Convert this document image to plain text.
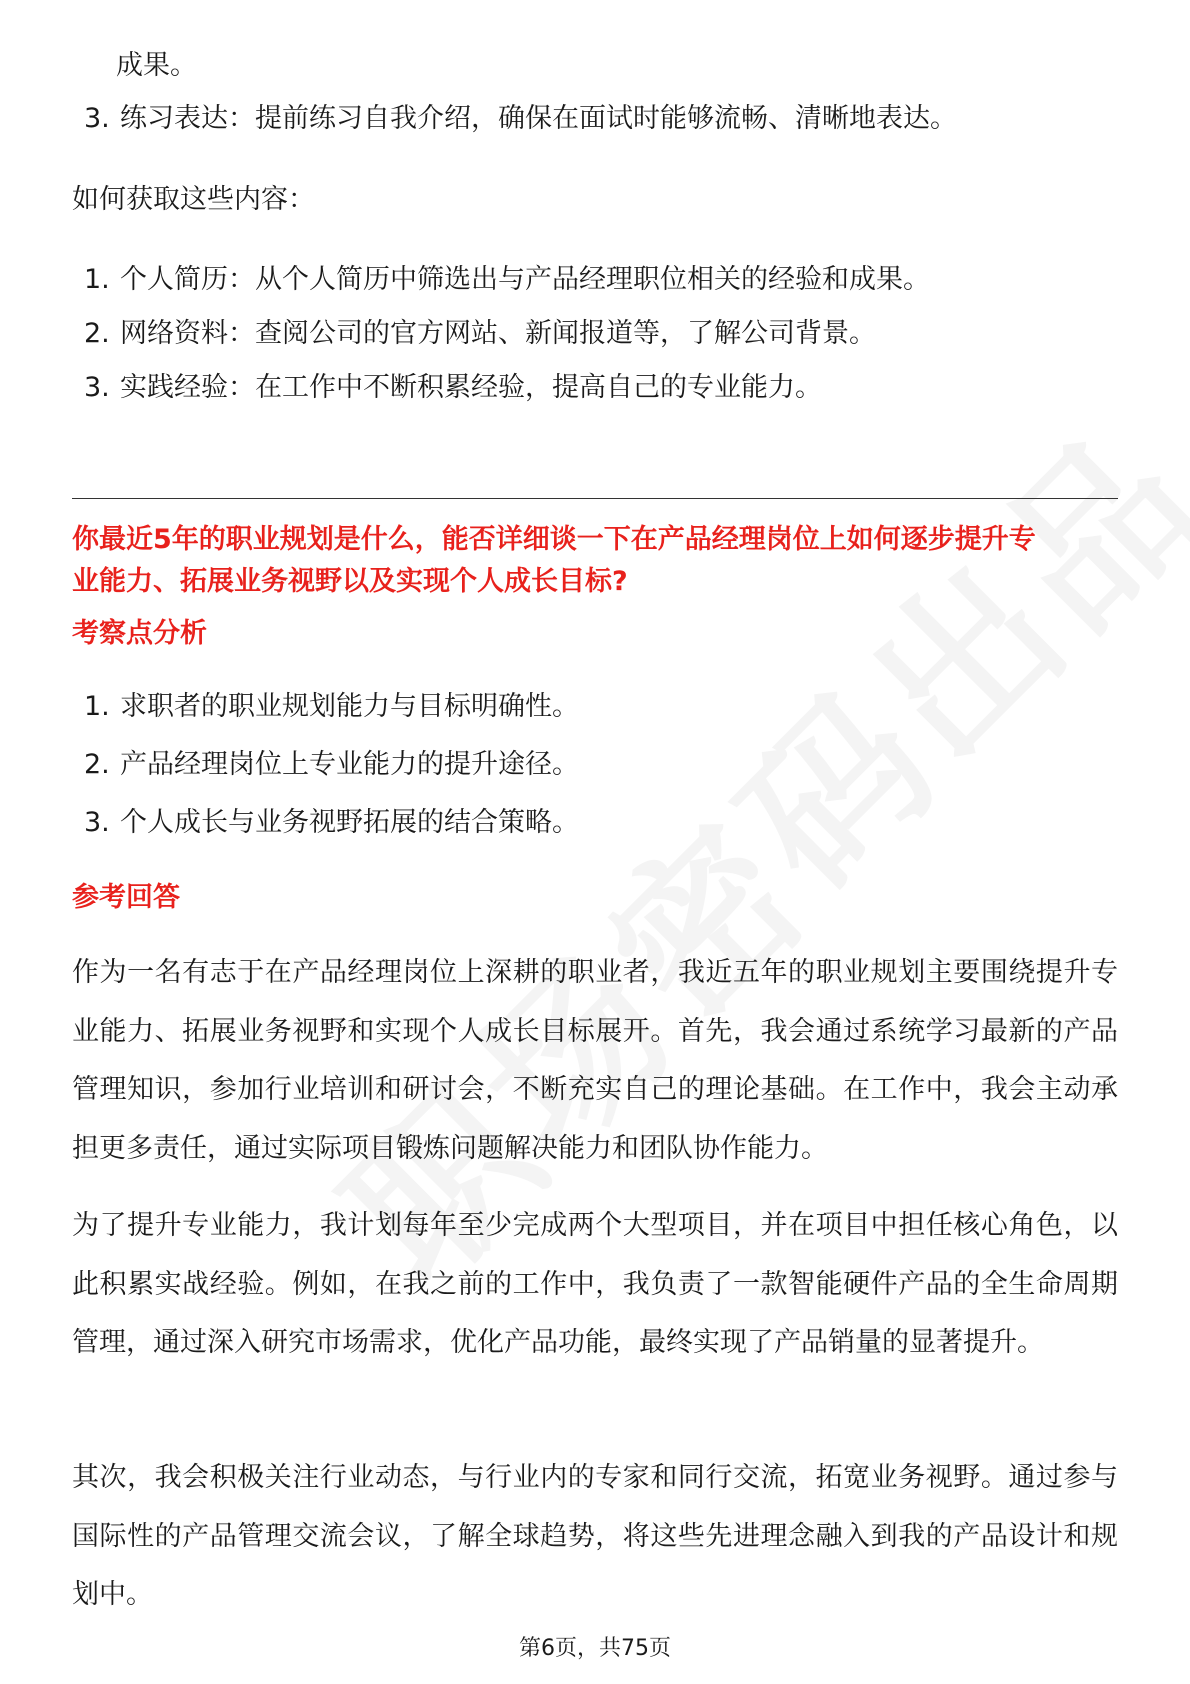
成果。
3. 练习表达：提前练习自我介绍，确保在面试时能够流畅、清晰地表达。
如何获取这些内容：
1. 个人简历：从个人简历中筛选出与产品经理职位相关的经验和成果。
2. 网络资料：查阅公司的官方网站、新闻报道等，了解公司背景。
3. 实践经验：在工作中不断积累经验，提高自己的专业能力。
你最近5年的职业规划是什么，能否详细谈一下在产品经理岗位上如何逐步提升专
业能力、拓展业务视野以及实现个人成长目标?
考察点分析
1. 求职者的职业规划能力与目标明确性。
2. 产品经理岗位上专业能力的提升途径。
3. 个人成长与业务视野拓展的结合策略。
参考回答
作为一名有志于在产品经理岗位上深耕的职业者，我近五年的职业规划主要围绕提升专业能力、拓展业务视野和实现个人成长目标展开。首先，我会通过系统学习最新的产品管理知识，参加行业培训和研讨会，不断充实自己的理论基础。在工作中，我会主动承担更多责任，通过实际项目锻炼问题解决能力和团队协作能力。
为了提升专业能力，我计划每年至少完成两个大型项目，并在项目中担任核心角色，以此积累实战经验。例如，在我之前的工作中，我负责了一款智能硬件产品的全生命周期管理，通过深入研究市场需求，优化产品功能，最终实现了产品销量的显著提升。
其次，我会积极关注行业动态，与行业内的专家和同行交流，拓宽业务视野。通过参与国际性的产品管理交流会议，了解全球趋势，将这些先进理念融入到我的产品设计和规划中。
第6页，共75页
